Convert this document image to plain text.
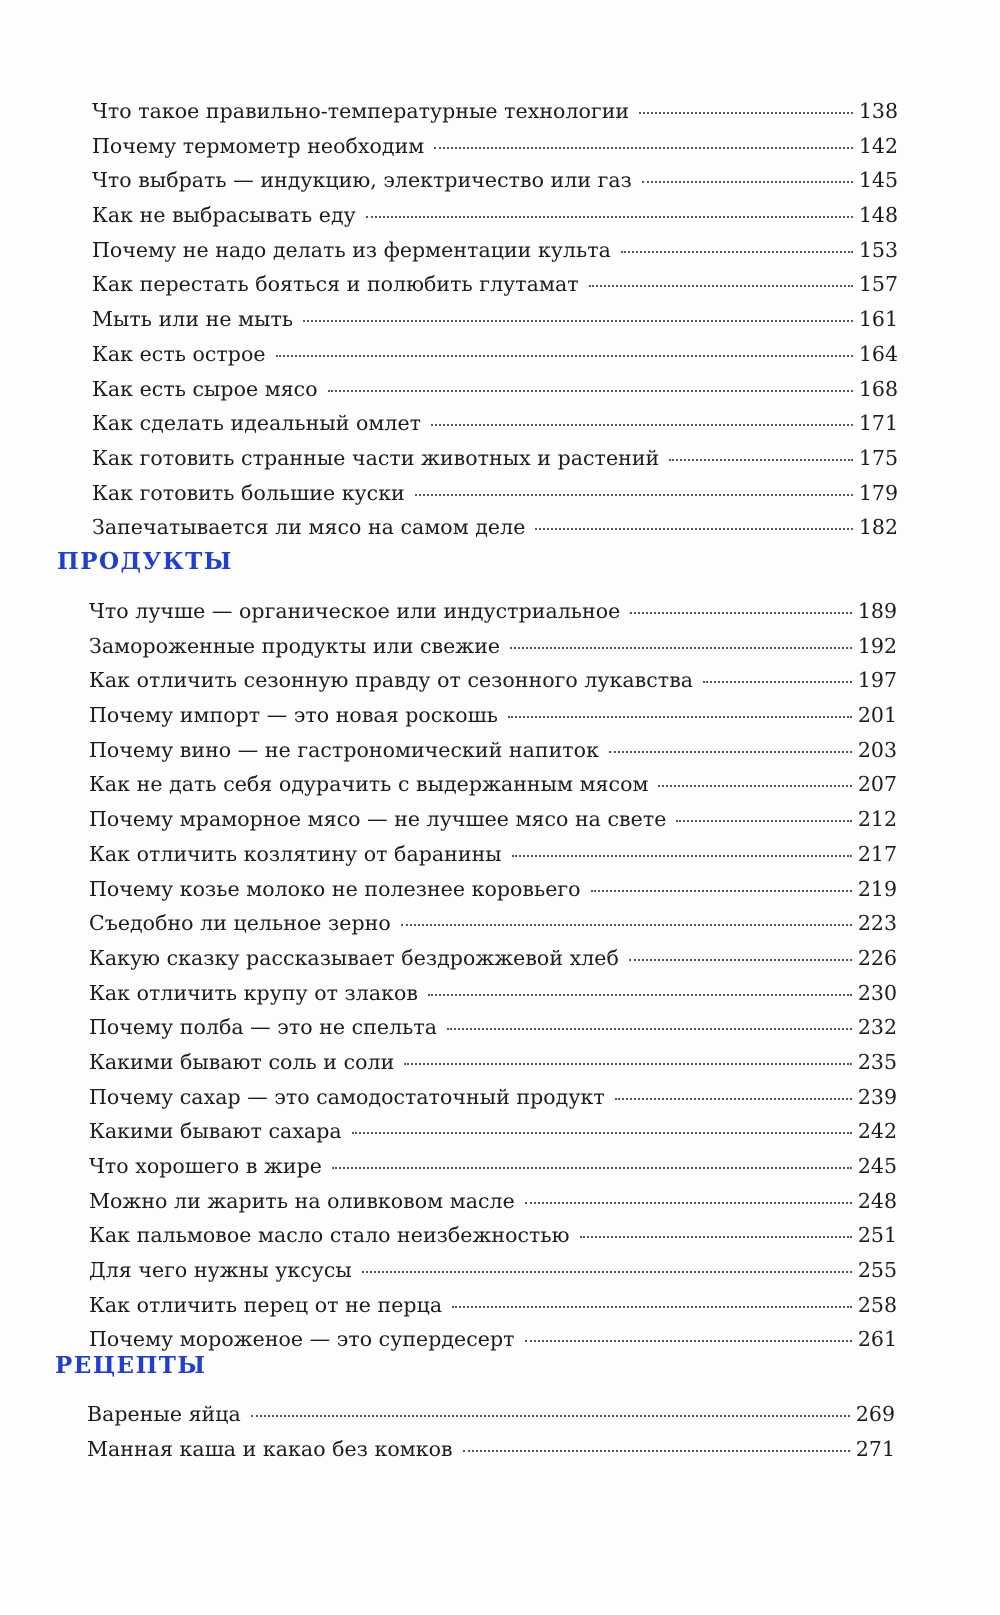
Что такое правильно-температурные технологии	138
Почему термометр необходим	142
Что выбрать — индукцию, электричество или газ	145
Как не выбрасывать еду	148
Почему не надо делать из ферментации культа	153
Как перестать бояться и полюбить глутамат	157
Мыть или не мыть	161
Как есть острое	164
Как есть сырое мясо	168
Как сделать идеальный омлет	171
Как готовить странные части животных и растений	175
Как готовить большие куски	179
Запечатывается ли мясо на самом деле	182
ПРОДУКТЫ
Что лучше — органическое или индустриальное	189
Замороженные продукты или свежие	192
Как отличить сезонную правду от сезонного лукавства	197
Почему импорт — это новая роскошь	201
Почему вино — не гастрономический напиток	203
Как не дать себя одурачить с выдержанным мясом	207
Почему мраморное мясо — не лучшее мясо на свете	212
Как отличить козлятину от баранины	217
Почему козье молоко не полезнее коровьего	219
Съедобно ли цельное зерно	223
Какую сказку рассказывает бездрожжевой хлеб	226
Как отличить крупу от злаков	230
Почему полба — это не спельта	232
Какими бывают соль и соли	235
Почему сахар — это самодостаточный продукт	239
Какими бывают сахара	242
Что хорошего в жире	245
Можно ли жарить на оливковом масле	248
Как пальмовое масло стало неизбежностью	251
Для чего нужны уксусы	255
Как отличить перец от не перца	258
Почему мороженое — это супердесерт	261
РЕЦЕПТЫ
Вареные яйца	269
Манная каша и какао без комков	271
